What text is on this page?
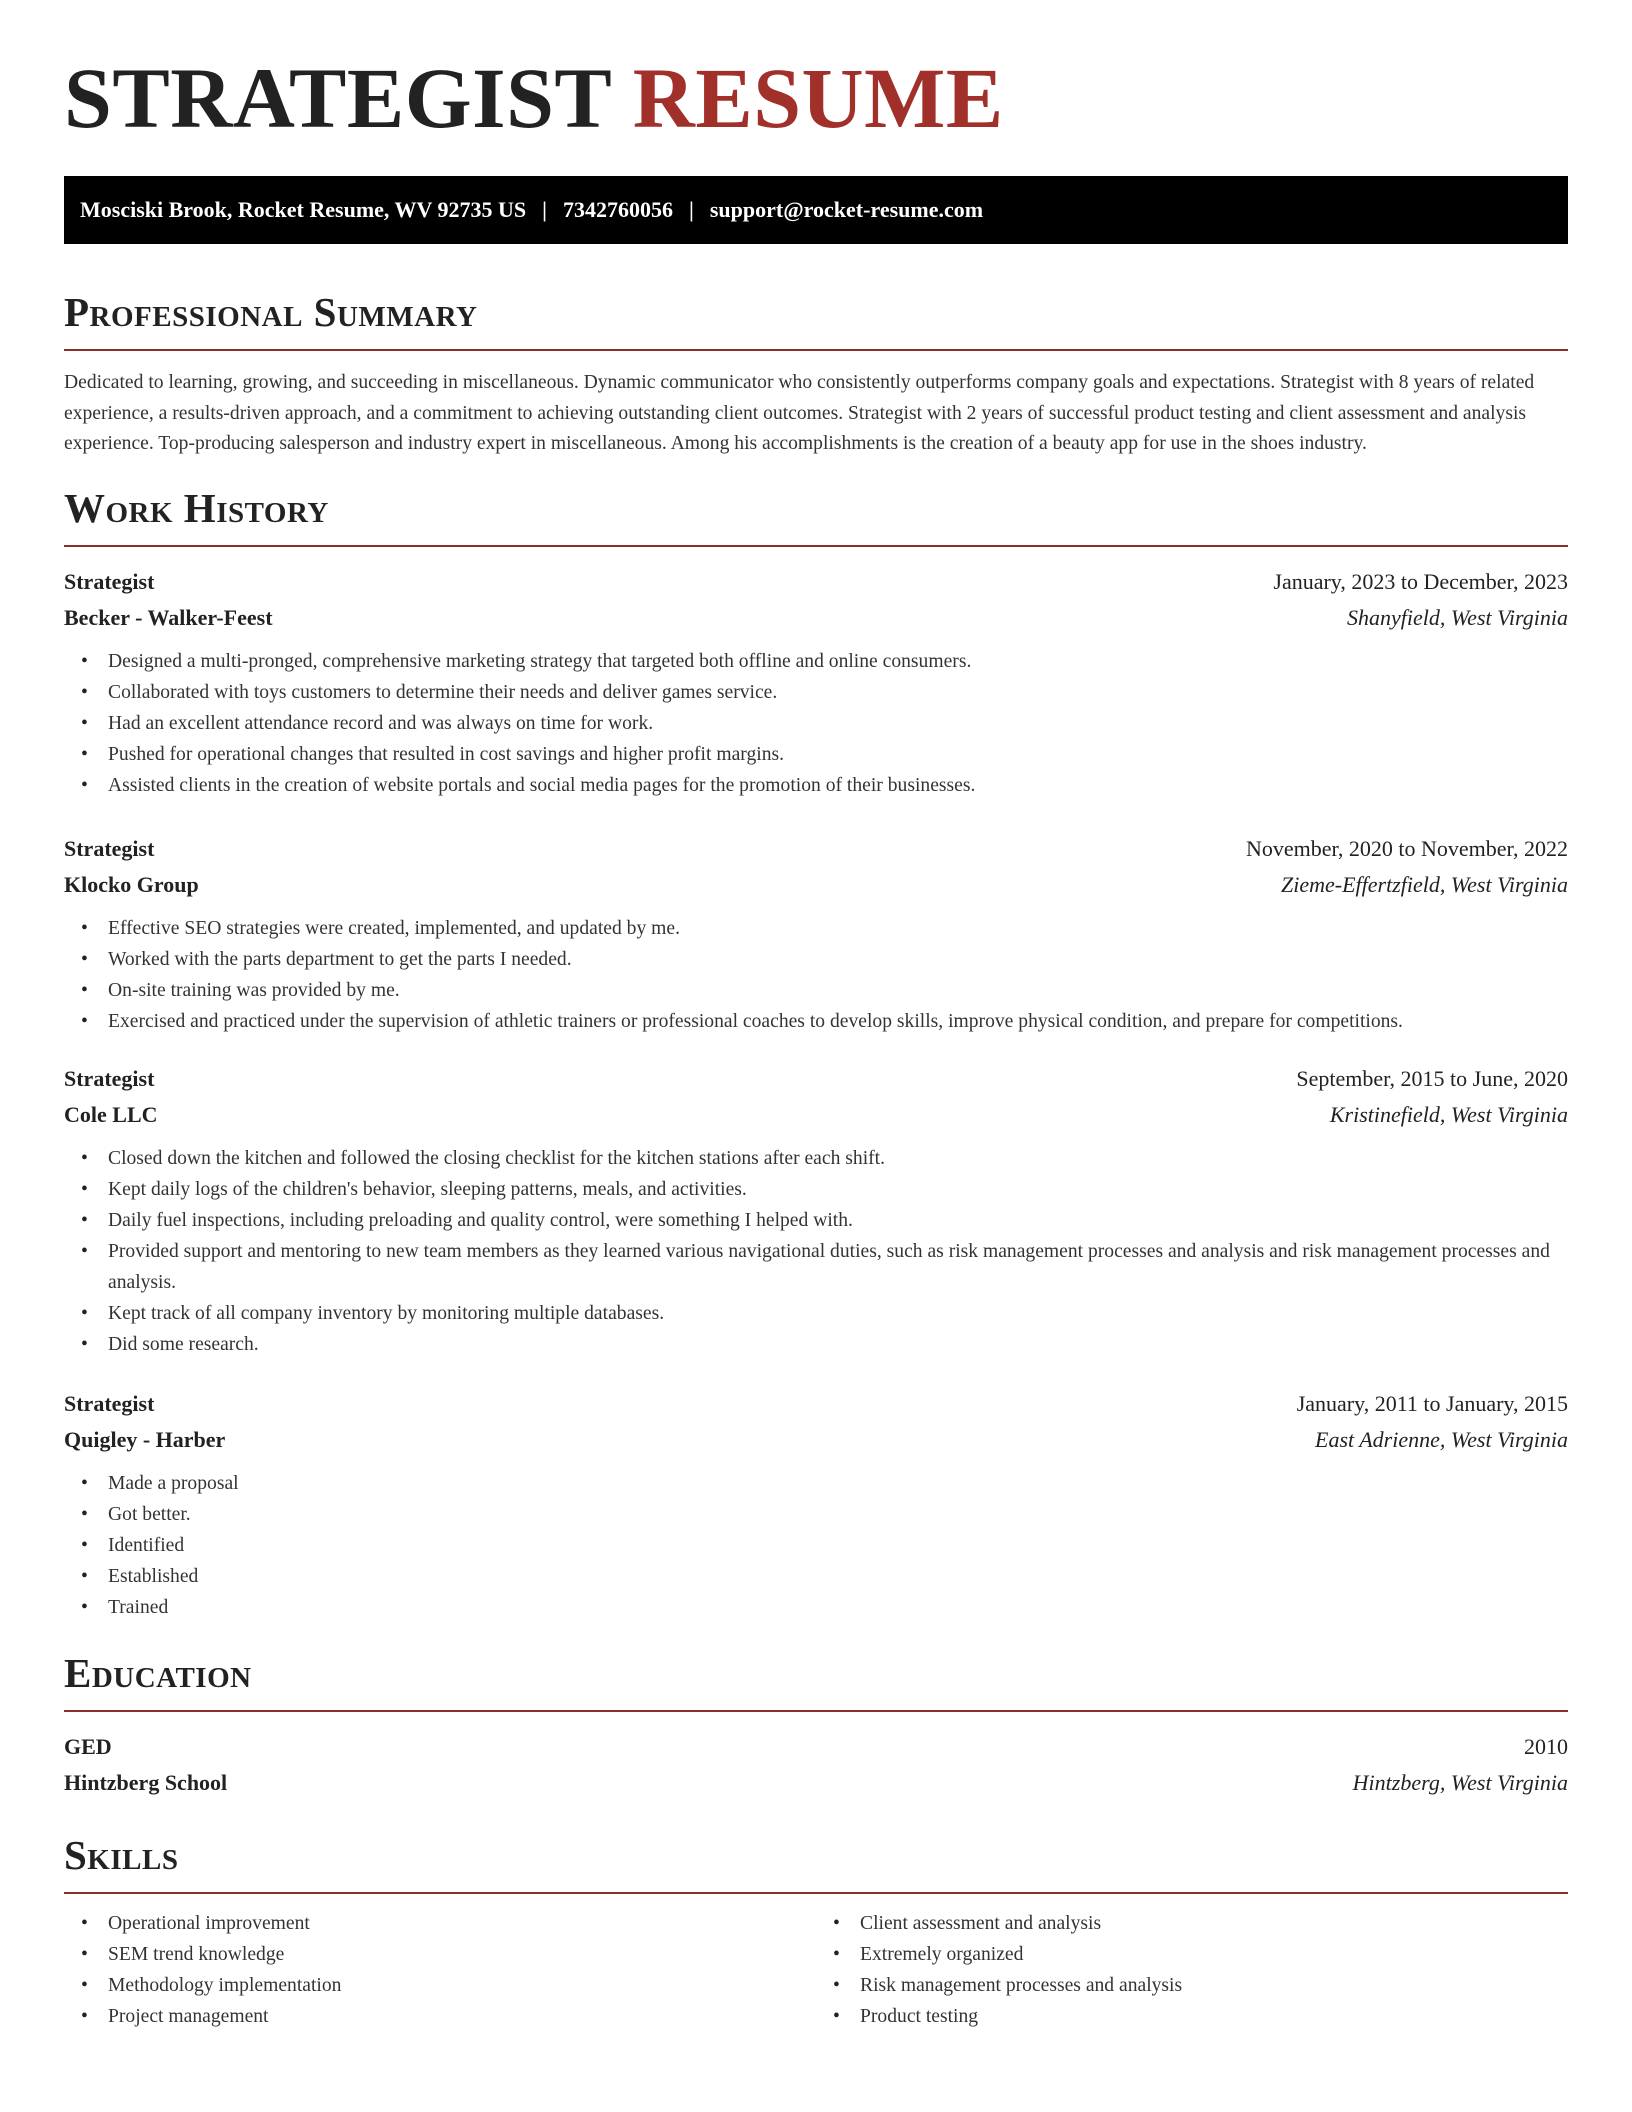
STRATEGIST RESUME
Mosciski Brook, Rocket Resume, WV 92735 US | 7342760056 | support@rocket-resume.com
Professional Summary

Dedicated to learning, growing, and succeeding in miscellaneous. Dynamic communicator who consistently outperforms company goals and expectations. Strategist with 8 years of related experience, a results-driven approach, and a commitment to achieving outstanding client outcomes. Strategist with 2 years of successful product testing and client assessment and analysis experience. Top-producing salesperson and industry expert in miscellaneous. Among his accomplishments is the creation of a beauty app for use in the shoes industry.

Work History
Strategist	January, 2023 to December, 2023
Becker - Walker-Feest	Shanyfield, West Virginia
• Designed a multi-pronged, comprehensive marketing strategy that targeted both offline and online consumers.
• Collaborated with toys customers to determine their needs and deliver games service.
• Had an excellent attendance record and was always on time for work.
• Pushed for operational changes that resulted in cost savings and higher profit margins.
• Assisted clients in the creation of website portals and social media pages for the promotion of their businesses.
Strategist	November, 2020 to November, 2022
Klocko Group	Zieme-Effertzfield, West Virginia
• Effective SEO strategies were created, implemented, and updated by me.
• Worked with the parts department to get the parts I needed.
• On-site training was provided by me.
• Exercised and practiced under the supervision of athletic trainers or professional coaches to develop skills, improve physical condition, and prepare for competitions.
Strategist	September, 2015 to June, 2020
Cole LLC	Kristinefield, West Virginia
• Closed down the kitchen and followed the closing checklist for the kitchen stations after each shift.
• Kept daily logs of the children's behavior, sleeping patterns, meals, and activities.
• Daily fuel inspections, including preloading and quality control, were something I helped with.
• Provided support and mentoring to new team members as they learned various navigational duties, such as risk management processes and analysis and risk management processes and analysis.
• Kept track of all company inventory by monitoring multiple databases.
• Did some research.
Strategist	January, 2011 to January, 2015
Quigley - Harber	East Adrienne, West Virginia
• Made a proposal
• Got better.
• Identified
• Established
• Trained
Education
GED	2010
Hintzberg School	Hintzberg, West Virginia
Skills
• Operational improvement
• SEM trend knowledge
• Methodology implementation
• Project management
• Client assessment and analysis
• Extremely organized
• Risk management processes and analysis
• Product testing
